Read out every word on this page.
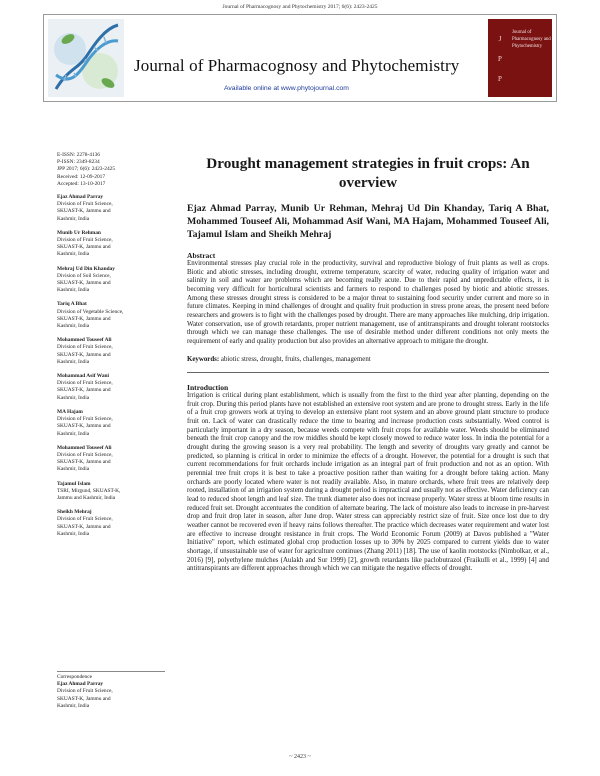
Journal of Pharmacognosy and Phytochemistry 2017; 6(6): 2423-2425
Journal of Pharmacognosy and Phytochemistry
Available online at www.phytojournal.com
J
P
P
Journal of Pharmacognosy and Phytochemistry
E-ISSN: 2278-4136
P-ISSN: 2349-8234
JPP 2017; 6(6): 2423-2425
Received: 12-09-2017
Accepted: 13-10-2017
Ejaz Ahmad Parray
Division of Fruit Science,
SKUAST-K, Jammu and
Kashmir, India
Munib Ur Rehman
Division of Fruit Science,
SKUAST-K, Jammu and
Kashmir, India
Mehraj Ud Din Khanday
Division of Soil Science,
SKUAST-K, Jammu and
Kashmir, India
Tariq A Bhat
Division of Vegetable Science,
SKUAST-K, Jammu and
Kashmir, India
Mohammed Touseef Ali
Division of Fruit Science,
SKUAST-K, Jammu and
Kashmir, India
Mohammad Asif Wani
Division of Fruit Science,
SKUAST-K, Jammu and
Kashmir, India
MA Hajam
Division of Fruit Science,
SKUAST-K, Jammu and
Kashmir, India
Mohammed Touseef Ali
Division of Fruit Science,
SKUAST-K, Jammu and
Kashmir, India
Tajamul Islam
TSRI, Mirgund, SKUAST-K,
Jammu and Kashmir, India
Sheikh Mehraj
Division of Fruit Science,
SKUAST-K, Jammu and
Kashmir, India
Correspondence
Ejaz Ahmad Parray
Division of Fruit Science,
SKUAST-K, Jammu and
Kashmir, India
Drought management strategies in fruit crops: An overview
Ejaz Ahmad Parray, Munib Ur Rehman, Mehraj Ud Din Khanday, Tariq A Bhat, Mohammed Touseef Ali, Mohammad Asif Wani, MA Hajam, Mohammed Touseef Ali, Tajamul Islam and Sheikh Mehraj
Abstract
Environmental stresses play crucial role in the productivity, survival and reproductive biology of fruit plants as well as crops. Biotic and abiotic stresses, including drought, extreme temperature, scarcity of water, reducing quality of irrigation water and salinity in soil and water are problems which are becoming really acute. Due to their rapid and unpredictable effects, it is becoming very difficult for horticultural scientists and farmers to respond to challenges posed by biotic and abiotic stresses. Among these stresses drought stress is considered to be a major threat to sustaining food security under current and more so in future climates. Keeping in mind challenges of drought and quality fruit production in stress prone areas, the present need before researchers and growers is to fight with the challenges posed by drought. There are many approaches like mulching, drip irrigation. Water conservation, use of growth retardants, proper nutrient management, use of antitranspirants and drought tolerant rootstocks through which we can manage these challenges. The use of desirable method under different conditions not only meets the requirement of early and quality production but also provides an alternative approach to mitigate the drought.
Keywords: abiotic stress, drought, fruits, challenges, management
Introduction
Irrigation is critical during plant establishment, which is usually from the first to the third year after planting, depending on the fruit crop. During this period plants have not established an extensive root system and are prone to drought stress. Early in the life of a fruit crop growers work at trying to develop an extensive plant root system and an above ground plant structure to produce fruit on. Lack of water can drastically reduce the time to bearing and increase production costs substantially. Weed control is particularly important in a dry season, because weeds compete with fruit crops for available water. Weeds should be eliminated beneath the fruit crop canopy and the row middles should be kept closely mowed to reduce water loss. In india the potential for a drought during the growing season is a very real probability. The length and severity of droughts vary greatly and cannot be predicted, so planning is critical in order to minimize the effects of a drought. However, the potential for a drought is such that current recommendations for fruit orchards include irrigation as an integral part of fruit production and not as an option. With perennial tree fruit crops it is best to take a proactive position rather than waiting for a drought before taking action. Many orchards are poorly located where water is not readily available. Also, in mature orchards, where fruit trees are relatively deep rooted, installation of an irrigation system during a drought period is impractical and usually not as effective. Water deficiency can lead to reduced shoot length and leaf size. The trunk diameter also does not increase properly. Water stress at bloom time results in reduced fruit set. Drought accentuates the condition of alternate bearing. The lack of moisture also leads to increase in pre-harvest drop and fruit drop later in season, after June drop. Water stress can appreciably restrict size of fruit. Size once lost due to dry weather cannot be recovered even if heavy rains follows thereafter. The practice which decreases water requirement and water lost are effective to increase drought resistance in fruit crops. The World Economic Forum (2009) at Davos published a "Water Initiative" report, which estimated global crop production losses up to 30% by 2025 compared to current yields due to water shortage, if unsustainable use of water for agriculture continues (Zhang 2011) [18]. The use of kaolin rootstocks (Nimbolkar, et al., 2016) [9], polyethylene mulches (Aulakh and Sur 1999) [2], growth retardants like paclobutrazol (Fraikulli et al., 1999) [4] and antitranspirants are different approaches through which we can mitigate the negative effects of drought.
~ 2423 ~
